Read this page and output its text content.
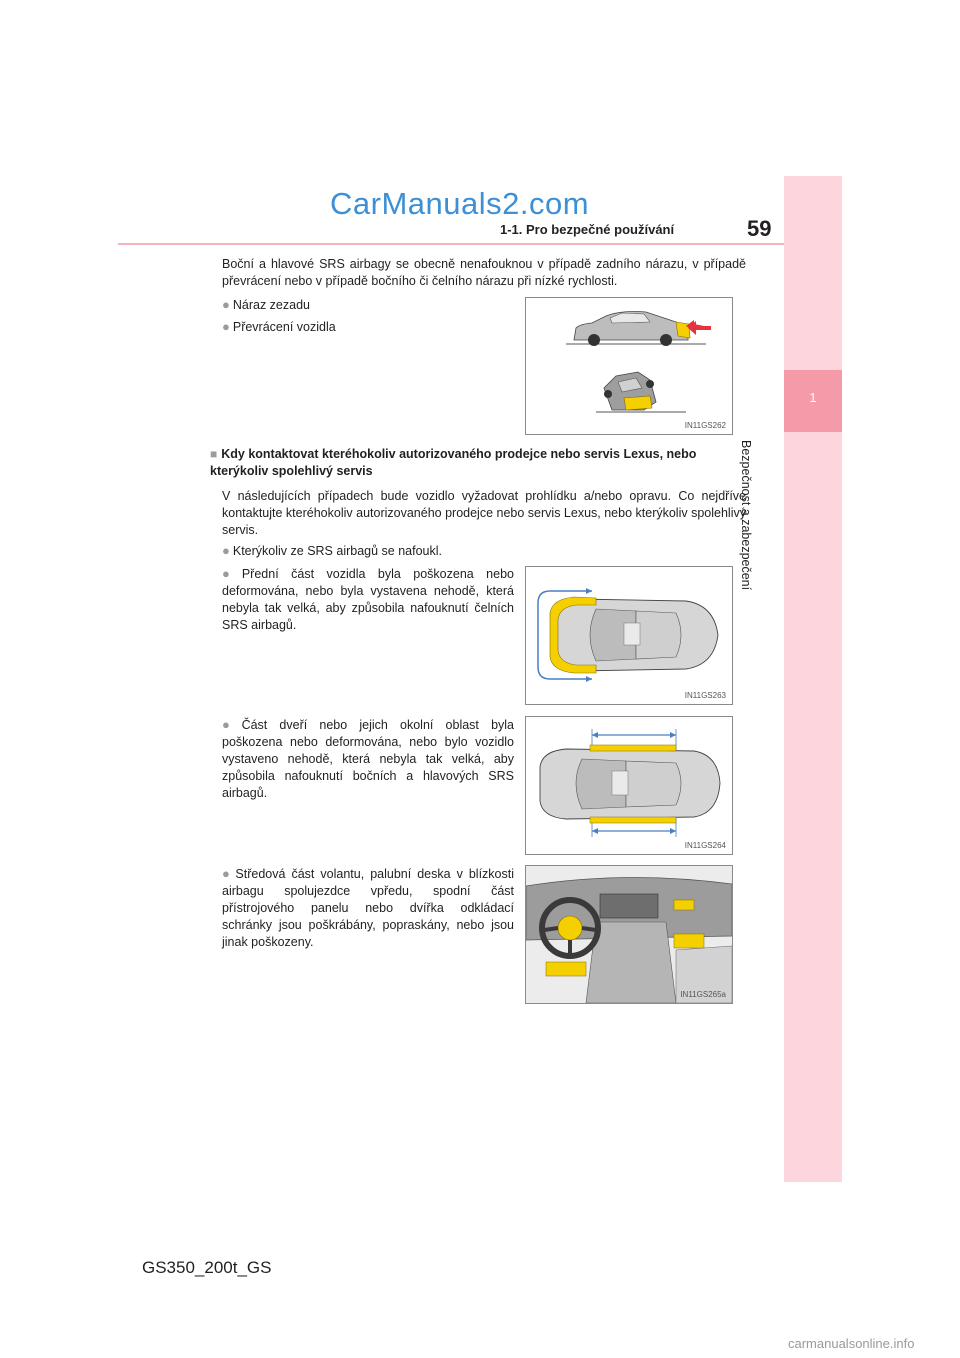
CarManuals2.com
1-1. Pro bezpečné používání	59
1
Bezpečnost a zabezpečení

Boční a hlavové SRS airbagy se obecně nenafouknou v případě zadního nárazu, v případě převrácení nebo v případě bočního či čelního nárazu při nízké rychlosti.

● Náraz zezadu
● Převrácení vozidla
IN11GS262
■ Kdy kontaktovat kteréhokoliv autorizovaného prodejce nebo servis Lexus, nebo kterýkoliv spolehlivý servis

V následujících případech bude vozidlo vyžadovat prohlídku a/nebo opravu. Co nejdříve kontaktujte kteréhokoliv autorizovaného prodejce nebo servis Lexus, nebo kterýkoliv spolehlivý servis.

● Kterýkoliv ze SRS airbagů se nafoukl.
● Přední část vozidla byla poškozena nebo deformována, nebo byla vystavena nehodě, která nebyla tak velká, aby způsobila nafouknutí čelních SRS airbagů.
● Část dveří nebo jejich okolní oblast byla poškozena nebo deformována, nebo bylo vozidlo vystaveno nehodě, která nebyla tak velká, aby způsobila nafouknutí bočních a hlavových SRS airbagů.
● Středová část volantu, palubní deska v blízkosti airbagu spolujezdce vpředu, spodní část přístrojového panelu nebo dvířka odkládací schránky jsou poškrábány, popraskány, nebo jsou jinak poškozeny.
IN11GS263
IN11GS264
IN11GS265a
GS350_200t_GS
carmanualsonline.info
